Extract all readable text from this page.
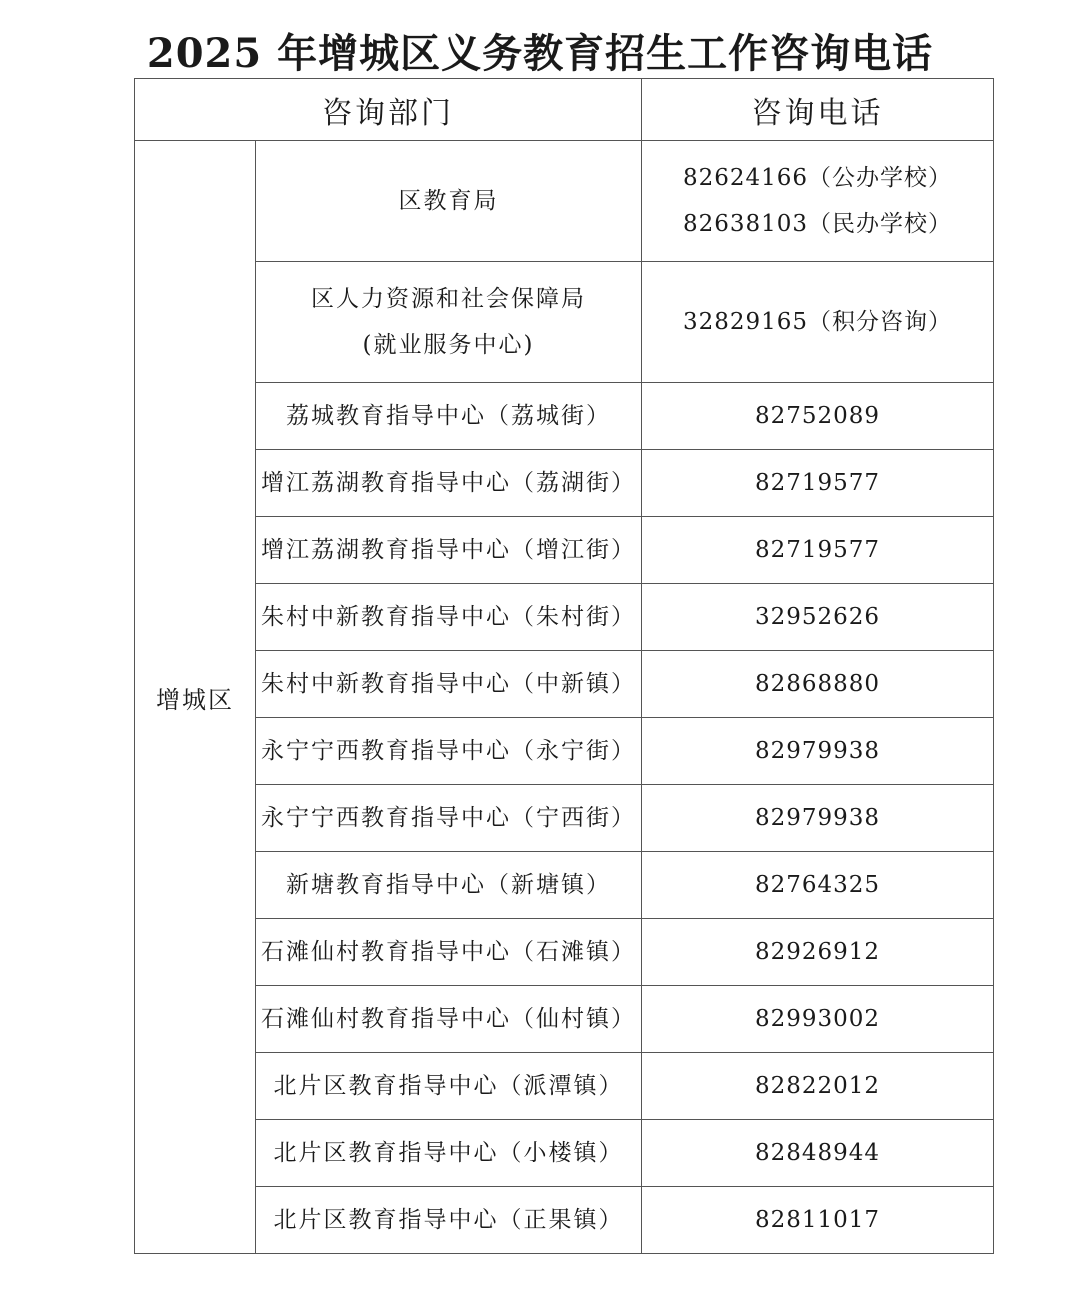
2025 年增城区义务教育招生工作咨询电话
咨询部门		咨询电话
增城区	区教育局	82624166（公办学校）
82638103（民办学校）

	区人力资源和社会保障局
(就业服务中心)	32829165（积分咨询）

	荔城教育指导中心（荔城街）	82752089

	增江荔湖教育指导中心（荔湖街）	82719577

	增江荔湖教育指导中心（增江街）	82719577

	朱村中新教育指导中心（朱村街）	32952626

	朱村中新教育指导中心（中新镇）	82868880

	永宁宁西教育指导中心（永宁街）	82979938

	永宁宁西教育指导中心（宁西街）	82979938

	新塘教育指导中心（新塘镇）	82764325

	石滩仙村教育指导中心（石滩镇）	82926912

	石滩仙村教育指导中心（仙村镇）	82993002

	北片区教育指导中心（派潭镇）	82822012

	北片区教育指导中心（小楼镇）	82848944

	北片区教育指导中心（正果镇）	82811017
